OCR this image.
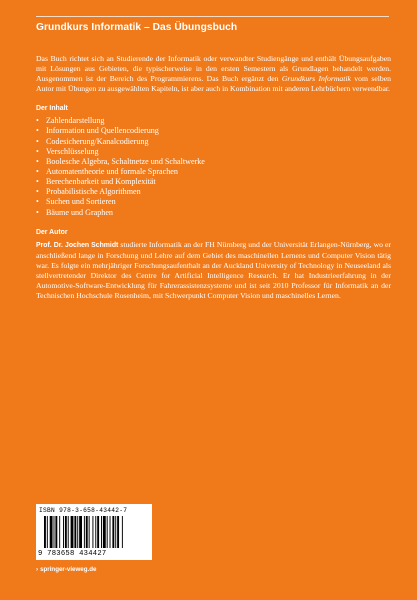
Grundkurs Informatik – Das Übungsbuch

Das Buch richtet sich an Studierende der Informatik oder verwandter Studiengänge und enthält Übungsaufgaben mit Lösungen aus Gebieten, die typischerweise in den ersten Semestern als Grundlagen behandelt werden. Ausgenommen ist der Bereich des Programmierens. Das Buch ergänzt den Grundkurs Informatik vom selben Autor mit Übungen zu ausgewählten Kapiteln, ist aber auch in Kombination mit anderen Lehrbüchern verwendbar.

Der Inhalt
• Zahlendarstellung
• Information und Quellencodierung
• Codesicherung/Kanalcodierung
• Verschlüsselung
• Boolesche Algebra, Schaltnetze und Schaltwerke
• Automatentheorie und formale Sprachen
• Berechenbarkeit und Komplexität
• Probabilistische Algorithmen
• Suchen und Sortieren
• Bäume und Graphen
Der Autor

Prof. Dr. Jochen Schmidt studierte Informatik an der FH Nürnberg und der Universität Erlangen-Nürnberg, wo er anschließend lange in Forschung und Lehre auf dem Gebiet des maschinellen Lernens und Computer Vision tätig war. Es folgte ein mehrjähriger Forschungsaufenthalt an der Auckland University of Technology in Neuseeland als stellvertretender Direktor des Centre for Artificial Intelligence Research. Er hat Industrieerfahrung in der Automotive-Software-Entwicklung für Fahrerassistenzsysteme und ist seit 2010 Professor für Informatik an der Technischen Hochschule Rosenheim, mit Schwerpunkt Computer Vision und maschinelles Lernen.

ISBN 978-3-658-43442-7
9 783658 434427
› springer-vieweg.de
